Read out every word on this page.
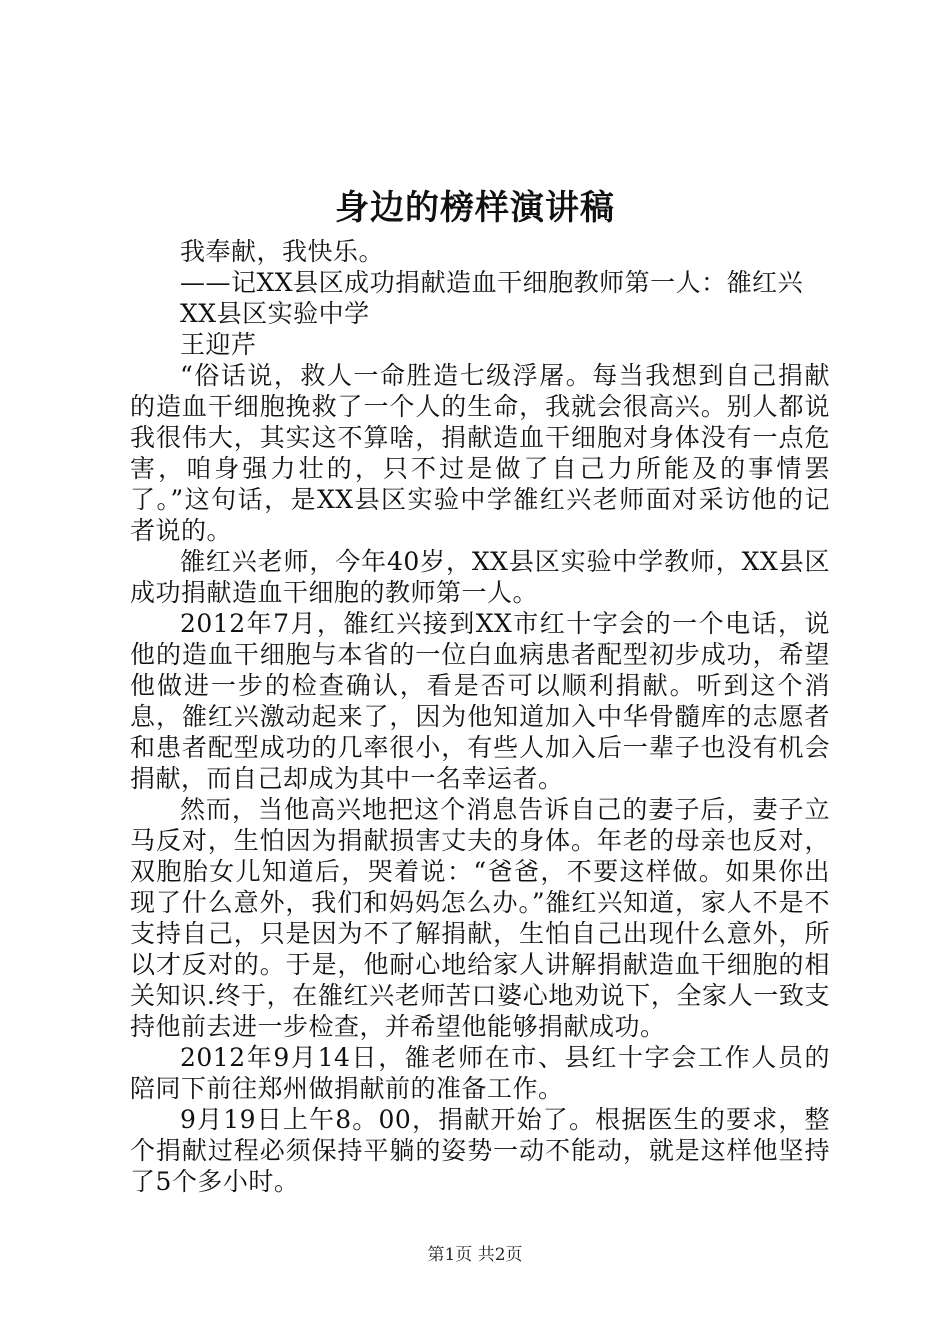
身边的榜样演讲稿
我奉献，我快乐。
——记XX县区成功捐献造血干细胞教师第一人：雒红兴
XX县区实验中学
王迎芹

“俗话说，救人一命胜造七级浮屠。每当我想到自己捐献的造血干细胞挽救了一个人的生命，我就会很高兴。别人都说我很伟大，其实这不算啥，捐献造血干细胞对身体没有一点危害，咱身强力壮的，只不过是做了自己力所能及的事情罢了。”这句话，是XX县区实验中学雒红兴老师面对采访他的记者说的。

雒红兴老师，今年40岁，XX县区实验中学教师，XX县区成功捐献造血干细胞的教师第一人。

2012年7月，雒红兴接到XX市红十字会的一个电话，说他的造血干细胞与本省的一位白血病患者配型初步成功，希望他做进一步的检查确认，看是否可以顺利捐献。听到这个消息，雒红兴激动起来了，因为他知道加入中华骨髓库的志愿者和患者配型成功的几率很小，有些人加入后一辈子也没有机会捐献，而自己却成为其中一名幸运者。

然而，当他高兴地把这个消息告诉自己的妻子后，妻子立马反对，生怕因为捐献损害丈夫的身体。年老的母亲也反对，双胞胎女儿知道后，哭着说：“爸爸，不要这样做。如果你出现了什么意外，我们和妈妈怎么办。”雒红兴知道，家人不是不支持自己，只是因为不了解捐献，生怕自己出现什么意外，所以才反对的。于是，他耐心地给家人讲解捐献造血干细胞的相关知识.终于，在雒红兴老师苦口婆心地劝说下，全家人一致支持他前去进一步检查，并希望他能够捐献成功。

2012年9月14日，雒老师在市、县红十字会工作人员的陪同下前往郑州做捐献前的准备工作。

9月19日上午8。00，捐献开始了。根据医生的要求，整个捐献过程必须保持平躺的姿势一动不能动，就是这样他坚持了5个多小时。

第1页 共2页
